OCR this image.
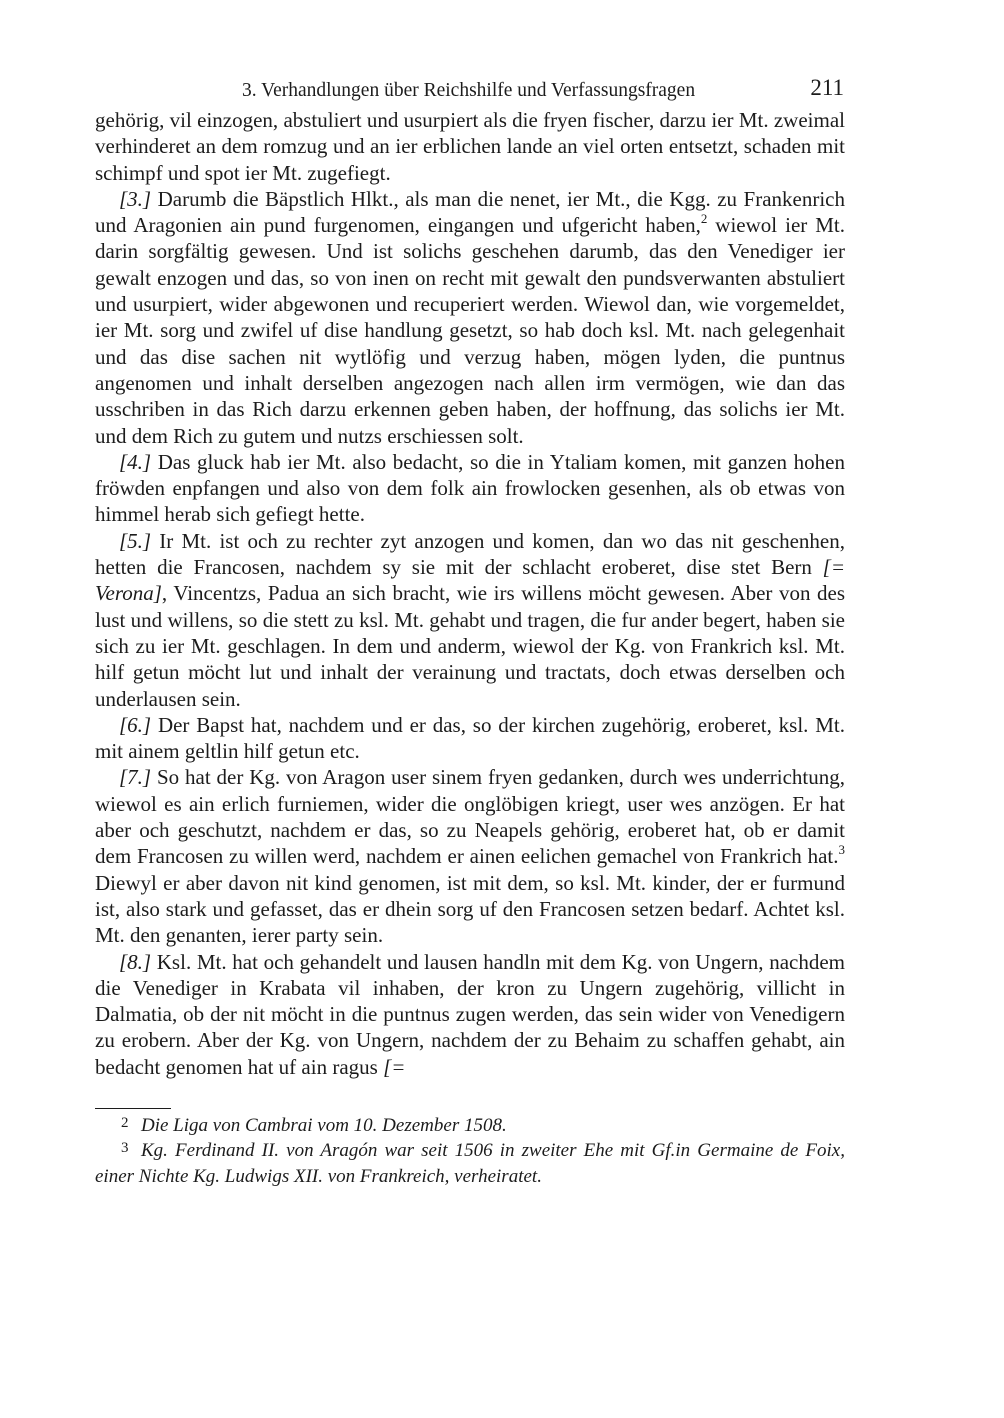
3. Verhandlungen über Reichshilfe und Verfassungsfragen	211

gehörig, vil einzogen, abstuliert und usurpiert als die fryen fischer, darzu ier Mt. zweimal verhinderet an dem romzug und an ier erblichen lande an viel orten entsetzt, schaden mit schimpf und spot ier Mt. zugefiegt.

[3.] Darumb die Bäpstlich Hlkt., als man die nenet, ier Mt., die Kgg. zu Frankenrich und Aragonien ain pund furgenomen, eingangen und ufgericht haben,$^2$ wiewol ier Mt. darin sorgfältig gewesen. Und ist solichs geschehen darumb, das den Venediger ier gewalt enzogen und das, so von inen on recht mit gewalt den pundsverwanten abstuliert und usurpiert, wider abgewonen und recuperiert werden. Wiewol dan, wie vorgemeldet, ier Mt. sorg und zwifel uf dise handlung gesetzt, so hab doch ksl. Mt. nach gelegenhait und das dise sachen nit wytlöfig und verzug haben, mögen lyden, die puntnus angenomen und inhalt derselben angezogen nach allen irm vermögen, wie dan das usschriben in das Rich darzu erkennen geben haben, der hoffnung, das solichs ier Mt. und dem Rich zu gutem und nutzs erschiessen solt.

[4.] Das gluck hab ier Mt. also bedacht, so die in Ytaliam komen, mit ganzen hohen fröwden enpfangen und also von dem folk ain frowlocken gesenhen, als ob etwas von himmel herab sich gefiegt hette.

[5.] Ir Mt. ist och zu rechter zyt anzogen und komen, dan wo das nit geschenhen, hetten die Francosen, nachdem sy sie mit der schlacht eroberet, dise stet Bern [= Verona], Vincentzs, Padua an sich bracht, wie irs willens möcht gewesen. Aber von des lust und willens, so die stett zu ksl. Mt. gehabt und tragen, die fur ander begert, haben sie sich zu ier Mt. geschlagen. In dem und anderm, wiewol der Kg. von Frankrich ksl. Mt. hilf getun möcht lut und inhalt der verainung und tractats, doch etwas derselben och underlausen sein.

[6.] Der Bapst hat, nachdem und er das, so der kirchen zugehörig, eroberet, ksl. Mt. mit ainem geltlin hilf getun etc.

[7.] So hat der Kg. von Aragon user sinem fryen gedanken, durch wes underrichtung, wiewol es ain erlich furniemen, wider die onglöbigen kriegt, user wes anzögen. Er hat aber och geschutzt, nachdem er das, so zu Neapels gehörig, eroberet hat, ob er damit dem Francosen zu willen werd, nachdem er ainen eelichen gemachel von Frankrich hat.$^3$ Diewyl er aber davon nit kind genomen, ist mit dem, so ksl. Mt. kinder, der er furmund ist, also stark und gefasset, das er dhein sorg uf den Francosen setzen bedarf. Achtet ksl. Mt. den genanten, ierer party sein.

[8.] Ksl. Mt. hat och gehandelt und lausen handln mit dem Kg. von Ungern, nachdem die Venediger in Krabata vil inhaben, der kron zu Ungern zugehörig, villicht in Dalmatia, ob der nit möcht in die puntnus zugen werden, das sein wider von Venedigern zu erobern. Aber der Kg. von Ungern, nachdem der zu Behaim zu schaffen gehabt, ain bedacht genomen hat uf ain ragus [=

2 Die Liga von Cambrai vom 10. Dezember 1508.

3 Kg. Ferdinand II. von Aragón war seit 1506 in zweiter Ehe mit Gf.in Germaine de Foix, einer Nichte Kg. Ludwigs XII. von Frankreich, verheiratet.
